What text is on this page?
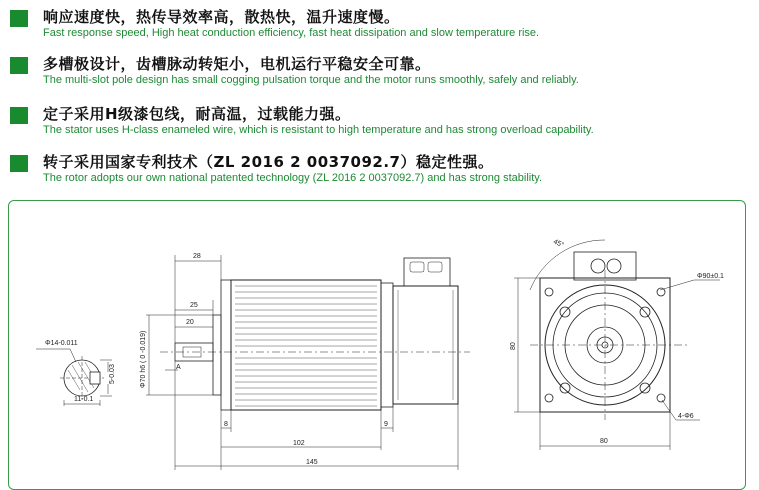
响应速度快，热传导效率高，散热快，温升速度慢。
Fast response speed, High heat conduction efficiency, fast heat dissipation and slow temperature rise.
多槽极设计，齿槽脉动转矩小，电机运行平稳安全可靠。
The multi-slot pole design has small cogging pulsation torque and the motor runs smoothly, safely and reliably.
定子采用H级漆包线，耐高温，过载能力强。
The stator uses H-class enameled wire, which is resistant to high temperature and has strong overload capability.
转子采用国家专利技术（ZL 2016 2 0037092.7）稳定性强。
The rotor adopts our own national patented technology (ZL 2016 2 0037092.7) and has strong stability.
Φ14-0.011
5-0.03
11-0.1
28
25
20
Φ70 h6 ( 0 -0.019)	A
8	9
102
145
45°
Φ90±0.1
80
80
4-Φ6
